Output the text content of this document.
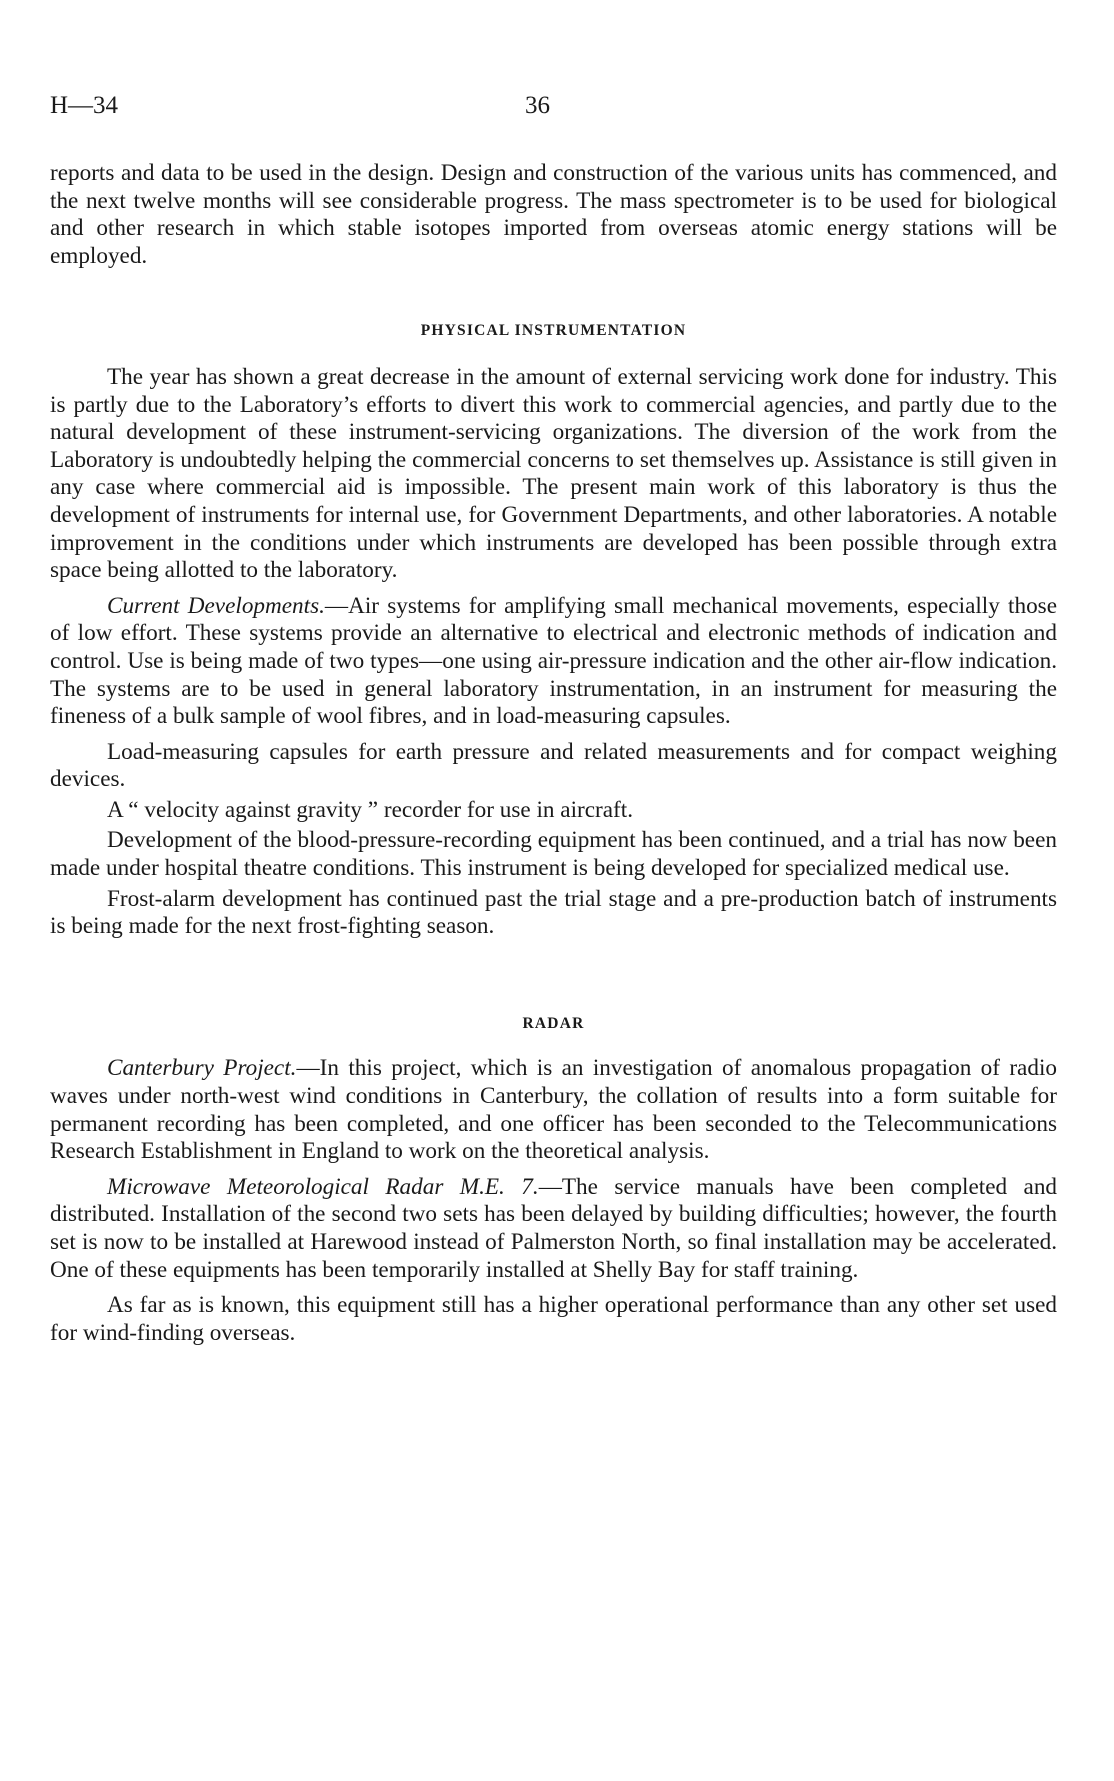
H—34	36

reports and data to be used in the design. Design and construction of the various units has commenced, and the next twelve months will see considerable progress. The mass spectrometer is to be used for biological and other research in which stable isotopes imported from overseas atomic energy stations will be employed.

PHYSICAL INSTRUMENTATION

The year has shown a great decrease in the amount of external servicing work done for industry. This is partly due to the Laboratory’s efforts to divert this work to commercial agencies, and partly due to the natural development of these instrument-servicing organizations. The diversion of the work from the Laboratory is undoubtedly helping the commercial concerns to set themselves up. Assistance is still given in any case where commercial aid is impossible. The present main work of this laboratory is thus the development of instruments for internal use, for Government Departments, and other laboratories. A notable improvement in the conditions under which instruments are developed has been possible through extra space being allotted to the laboratory.

Current Developments.—Air systems for amplifying small mechanical movements, especially those of low effort. These systems provide an alternative to electrical and electronic methods of indication and control. Use is being made of two types—one using air-pressure indication and the other air-flow indication. The systems are to be used in general laboratory instrumentation, in an instrument for measuring the fineness of a bulk sample of wool fibres, and in load-measuring capsules.

Load-measuring capsules for earth pressure and related measurements and for compact weighing devices.

A “ velocity against gravity ” recorder for use in aircraft.

Development of the blood-pressure-recording equipment has been continued, and a trial has now been made under hospital theatre conditions. This instrument is being developed for specialized medical use.

Frost-alarm development has continued past the trial stage and a pre-production batch of instruments is being made for the next frost-fighting season.

RADAR

Canterbury Project.—In this project, which is an investigation of anomalous propagation of radio waves under north-west wind conditions in Canterbury, the collation of results into a form suitable for permanent recording has been completed, and one officer has been seconded to the Telecommunications Research Establishment in England to work on the theoretical analysis.

Microwave Meteorological Radar M.E. 7.—The service manuals have been completed and distributed. Installation of the second two sets has been delayed by building difficulties; however, the fourth set is now to be installed at Harewood instead of Palmerston North, so final installation may be accelerated. One of these equipments has been temporarily installed at Shelly Bay for staff training.

As far as is known, this equipment still has a higher operational performance than any other set used for wind-finding overseas.
